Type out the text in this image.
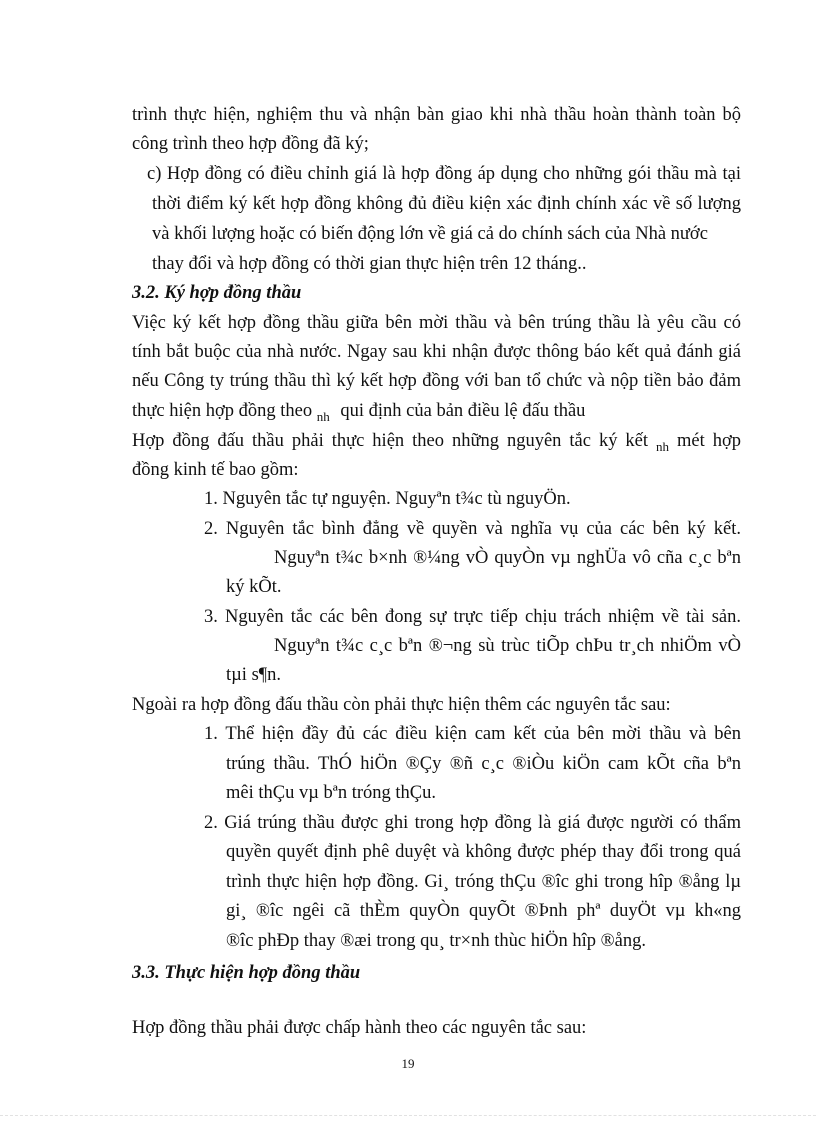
trình thực hiện, nghiệm thu và nhận bàn giao khi nhà thầu hoàn thành toàn bộ
công trình theo hợp đồng đã ký;
c) Hợp đồng có điều chỉnh giá là hợp đồng áp dụng cho những gói thầu mà tại
thời điểm ký kết hợp đồng không đủ điều kiện xác định chính xác về số lượng
và khối lượng hoặc có biến động lớn về giá cả do chính sách của Nhà nước
thay đổi và hợp đồng có thời gian thực hiện trên 12 tháng..
3.2. Ký hợp đồng thầu
Việc ký kết hợp đồng thầu giữa bên mời thầu và bên trúng thầu là yêu cầu có
tính bắt buộc của nhà nước. Ngay sau khi nhận được thông báo kết quả đánh giá
nếu Công ty trúng thầu thì ký kết hợp đồng với ban tổ chức và nộp tiền bảo đảm
thực hiện hợp đồng theo $_{nh}$ qui định của bản điều lệ đấu thầu
Hợp đồng đấu thầu phải thực hiện theo những nguyên tắc ký kết $_{nh}$ mét hợp
đồng kinh tế bao gồm:
1. Nguyên tắc tự nguyện. Nguyªn t¾c tù nguyÖn.
2. Nguyên tắc bình đẳng về quyền và nghĩa vụ của các bên ký kết.
Nguyªn t¾c b×nh ®¼ng vÒ quyÒn vµ nghÜa vô cña c¸c bªn
ký kÕt.
3. Nguyên tắc các bên đong sự trực tiếp chịu trách nhiệm về tài sản.
Nguyªn t¾c c¸c bªn ®¬ng sù trùc tiÕp chÞu tr¸ch nhiÖm vÒ
tµi s¶n.
Ngoài ra hợp đồng đấu thầu còn phải thực hiện thêm các nguyên tắc sau:
1. Thể hiện đầy đủ các điều kiện cam kết của bên mời thầu và bên
trúng thầu. ThÓ hiÖn ®Çy ®ñ c¸c ®iÒu kiÖn cam kÕt cña bªn
mêi thÇu vµ bªn tróng thÇu.
2. Giá trúng thầu được ghi trong hợp đồng là giá được người có thẩm
quyền quyết định phê duyệt và không được phép thay đổi trong quá
trình thực hiện hợp đồng. Gi¸ tróng thÇu ®îc ghi trong hîp ®ång lµ
gi¸ ®îc ngêi cã thÈm quyÒn quyÕt ®Þnh phª duyÖt vµ kh«ng
®îc phÐp thay ®æi trong qu¸ tr×nh thùc hiÖn hîp ®ång.
3.3. Thực hiện hợp đồng thầu
Hợp đồng thầu phải được chấp hành theo các nguyên tắc sau:
19
